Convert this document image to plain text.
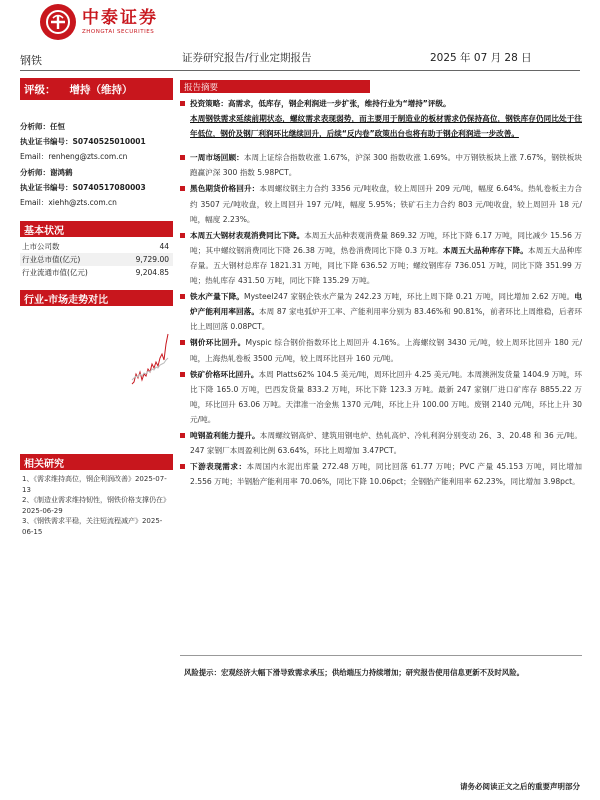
中泰证券
ZHONGTAI SECURITIES
钢铁	证券研究报告/行业定期报告	2025 年 07 月 28 日
评级： 增持（维持）
分析师：任恒
执业证书编号：S0740525010001
Email：renheng@zts.com.cn
分析师：谢鸿鹤
执业证书编号：S0740517080003
Email：xiehh@zts.com.cn
基本状况
上市公司数	44
行业总市值(亿元)	9,729.00
行业流通市值(亿元)	9,204.85
行业-市场走势对比
相关研究
1、《需求维持高位，钢企利润改善》2025-07-13
2、《制造业需求维持韧性，钢铁价格支撑仍在》2025-06-29
3、《钢铁需求平稳，关注短流程减产》2025-06-15
报告摘要
投资策略：高需求，低库存，钢企利润进一步扩张，维持行业为“增持”评级。
本周钢铁需求延续前期状态，螺纹需求表现弱势，而主要用于制造业的板材需求仍保持高位，钢铁库存仍同比处于往年低位，钢价及钢厂利润环比继续回升，后续“反内卷”政策出台也将有助于钢企利润进一步改善。
一周市场回顾：本周上证综合指数收涨 1.67%，沪深 300 指数收涨 1.69%。中万钢铁板块上涨 7.67%，钢铁板块跑赢沪深 300 指数 5.98PCT。
黑色期货价格回升：本周螺纹钢主力合约 3356 元/吨收盘，较上周回升 209 元/吨，幅度 6.64%。热轧卷板主力合约 3507 元/吨收盘，较上周回升 197 元/吨，幅度 5.95%；铁矿石主力合约 803 元/吨收盘，较上周回升 18 元/吨，幅度 2.23%。
本周五大钢材表观消费同比下降。本周五大品种表观消费量 869.32 万吨，环比下降 6.17 万吨，同比减少 15.56 万吨；其中螺纹钢消费同比下降 26.38 万吨，热卷消费同比下降 0.3 万吨。本周五大品种库存下降。本周五大品种库存量。五大钢材总库存 1821.31 万吨，同比下降 636.52 万吨；螺纹钢库存 736.051 万吨，同比下降 351.99 万吨；热轧库存 431.50 万吨，同比下降 135.29 万吨。
铁水产量下降。Mysteel247 家钢企铁水产量为 242.23 万吨，环比上周下降 0.21 万吨，同比增加 2.62 万吨。电炉产能利用率回落。本周 87 家电弧炉开工率、产能利用率分别为 83.46%和 90.81%，前者环比上周维稳，后者环比上周回落 0.08PCT。
钢价环比回升。Myspic 综合钢价指数环比上周回升 4.16%。上海螺纹钢 3430 元/吨，较上周环比回升 180 元/吨，上海热轧卷板 3500 元/吨，较上周环比回升 160 元/吨。
铁矿价格环比回升。本周 Platts62% 104.5 美元/吨，周环比回升 4.25 美元/吨。本周澳洲发货量 1404.9 万吨，环比下降 165.0 万吨，巴西发货量 833.2 万吨，环比下降 123.3 万吨。最新 247 家钢厂进口矿库存 8855.22 万吨，环比回升 63.06 万吨。天津准一冶金焦 1370 元/吨，环比上升 100.00 万吨。废钢 2140 元/吨，环比上升 30 元/吨。
吨钢盈利能力提升。本周螺纹钢高炉、建筑用钢电炉、热轧高炉、冷轧利润分别变动 26、3、20.48 和 36 元/吨。247 家钢厂本周盈利比例 63.64%，环比上周增加 3.47PCT。
下游表现需求：本周国内水泥出库量 272.48 万吨，同比回落 61.77 万吨；PVC 产量 45.153 万吨，同比增加 2.556 万吨；半钢胎产能利用率 70.06%，同比下降 10.06pct；全钢胎产能利用率 62.23%，同比增加 3.98pct。
风险提示：宏观经济大幅下滑导致需求承压；供给端压力持续增加；研究报告使用信息更新不及时风险。
请务必阅读正文之后的重要声明部分
